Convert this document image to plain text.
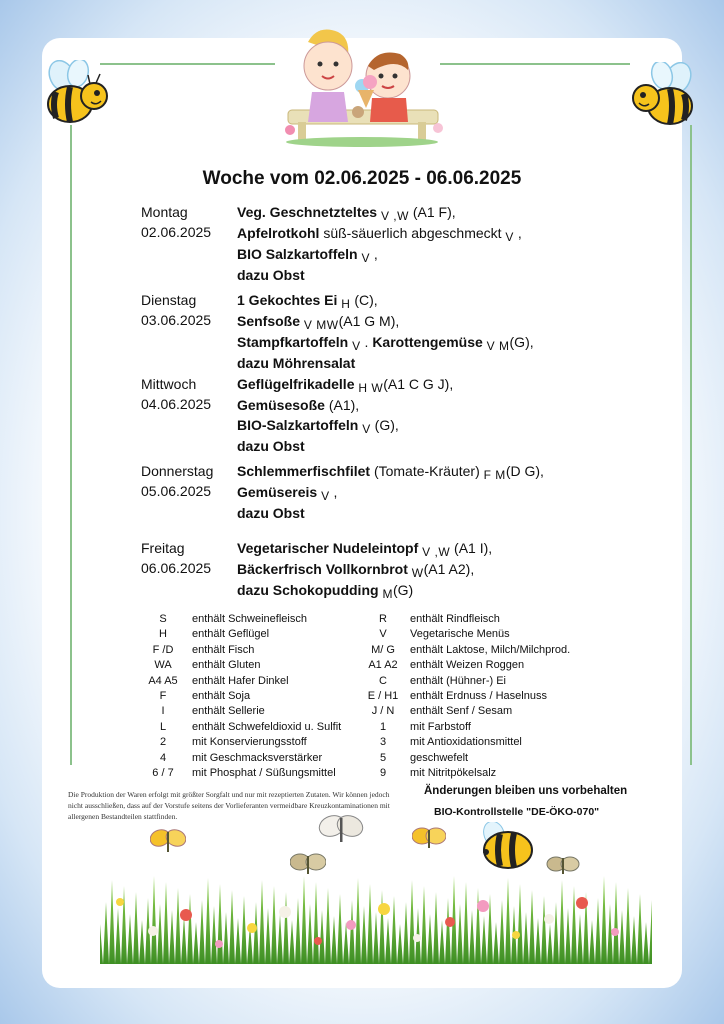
Woche vom 02.06.2025 - 06.06.2025
Montag
02.06.2025
Veg. Geschnetzteltes V ,W (A1 F),
Apfelrotkohl süß-säuerlich abgeschmeckt V ,
BIO Salzkartoffeln V ,
dazu Obst
Dienstag
03.06.2025
1 Gekochtes Ei H (C),
Senfsoße V MW(A1 G M),
Stampfkartoffeln V . Karottengemüse V M(G),
dazu Möhrensalat
Mittwoch
04.06.2025
Geflügelfrikadelle H W(A1 C G J),
Gemüsesoße (A1),
BIO-Salzkartoffeln V (G),
dazu Obst
Donnerstag
05.06.2025
Schlemmerfischfilet (Tomate-Kräuter) F M(D G),
Gemüsereis V ,
dazu Obst
Freitag
06.06.2025
Vegetarischer Nudeleintopf V ,W (A1 I),
Bäckerfrisch Vollkornbrot W(A1 A2),
dazu Schokopudding M(G)
S	enthält Schweinefleisch
H	enthält Geflügel
F /D	enthält Fisch
WA	enthält Gluten
A4 A5	enthält Hafer Dinkel
F	enthält Soja
I	enthält Sellerie
L	enthält Schwefeldioxid u. Sulfit
2	mit Konservierungsstoff
4	mit Geschmacksverstärker
6 / 7	mit Phosphat / Süßungsmittel
R	enthält Rindfleisch
V	Vegetarische Menüs
M/ G	enthält Laktose, Milch/Milchprod.
A1 A2	enthält Weizen Roggen
C	enthält (Hühner-) Ei
E / H1	enthält Erdnuss / Haselnuss
J / N	enthält Senf / Sesam
1	mit Farbstoff
3	mit Antioxidationsmittel
5	geschwefelt
9	mit Nitritpökelsalz
Die Produktion der Waren erfolgt mit größter Sorgfalt und nur mit rezeptierten Zutaten. Wir können jedoch nicht ausschließen, dass auf der Vorstufe seitens der Vorlieferanten vermeidbare Kreuzkontaminationen mit allergenen Bestandteilen stattfinden.
Änderungen bleiben uns vorbehalten
BIO-Kontrollstelle "DE-ÖKO-070"
